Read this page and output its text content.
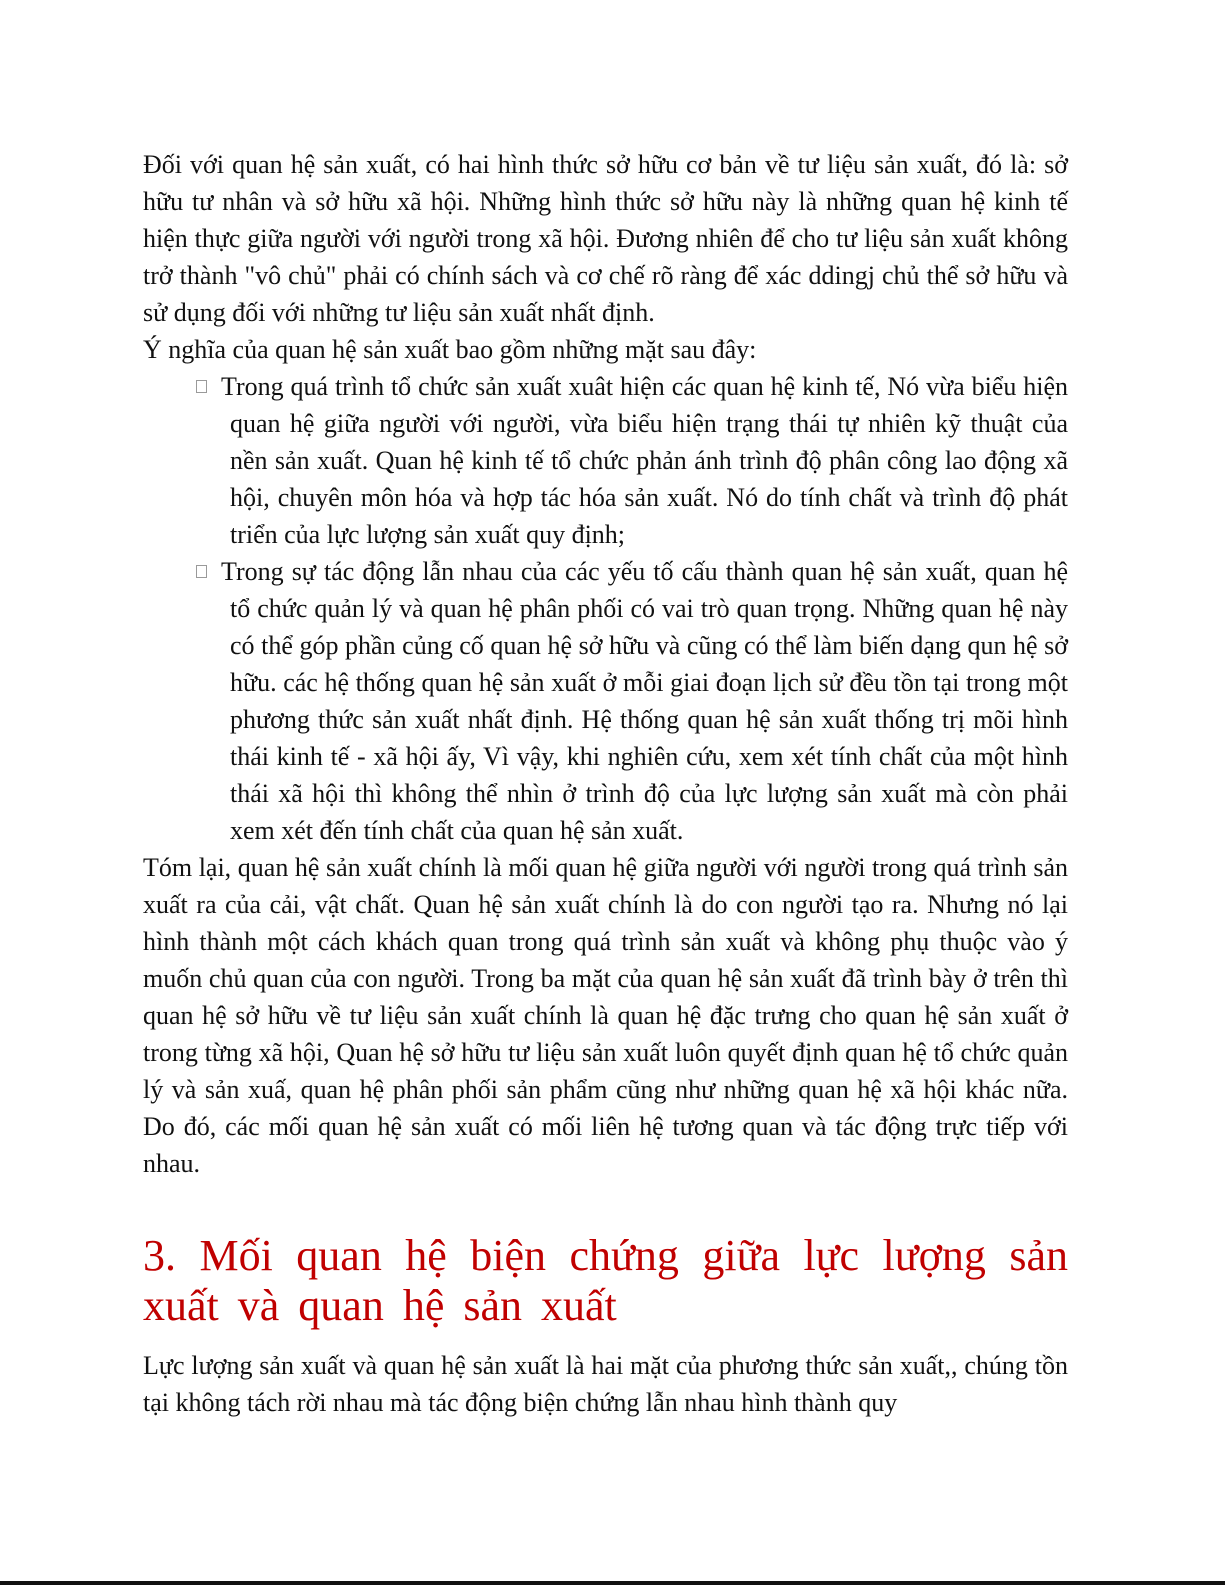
Đối với quan hệ sản xuất, có hai hình thức sở hữu cơ bản về tư liệu sản xuất, đó là: sở hữu tư nhân và sở hữu xã hội. Những hình thức sở hữu này là những quan hệ kinh tế hiện thực giữa người với người trong xã hội. Đương nhiên để cho tư liệu sản xuất không trở thành "vô chủ" phải có chính sách và cơ chế rõ ràng để xác ddingj chủ thể sở hữu và sử dụng đối với những tư liệu sản xuất nhất định.

Ý nghĩa của quan hệ sản xuất bao gồm những mặt sau đây:

Trong quá trình tổ chức sản xuất xuât hiện các quan hệ kinh tế, Nó vừa biểu hiện quan hệ giữa người với người, vừa biểu hiện trạng thái tự nhiên kỹ thuật của nền sản xuất. Quan hệ kinh tế tổ chức phản ánh trình độ phân công lao động xã hội, chuyên môn hóa và hợp tác hóa sản xuất. Nó do tính chất và trình độ phát triển của lực lượng sản xuất quy định;
Trong sự tác động lẫn nhau của các yếu tố cấu thành quan hệ sản xuất, quan hệ tổ chức quản lý và quan hệ phân phối có vai trò quan trọng. Những quan hệ này có thể góp phần củng cố quan hệ sở hữu và cũng có thể làm biến dạng qun hệ sở hữu. các hệ thống quan hệ sản xuất ở mỗi giai đoạn lịch sử đều tồn tại trong một phương thức sản xuất nhất định. Hệ thống quan hệ sản xuất thống trị mõi hình thái kinh tế - xã hội ấy, Vì vậy, khi nghiên cứu, xem xét tính chất của một hình thái xã hội thì không thể nhìn ở trình độ của lực lượng sản xuất mà còn phải xem xét đến tính chất của quan hệ sản xuất.

Tóm lại, quan hệ sản xuất chính là mối quan hệ giữa người với người trong quá trình sản xuất ra của cải, vật chất. Quan hệ sản xuất chính là do con người tạo ra. Nhưng nó lại hình thành một cách khách quan trong quá trình sản xuất và không phụ thuộc vào ý muốn chủ quan của con người. Trong ba mặt của quan hệ sản xuất đã trình bày ở trên thì quan hệ sở hữu về tư liệu sản xuất chính là quan hệ đặc trưng cho quan hệ sản xuất ở trong từng xã hội, Quan hệ sở hữu tư liệu sản xuất luôn quyết định quan hệ tổ chức quản lý và sản xuấ, quan hệ phân phối sản phẩm cũng như những quan hệ xã hội khác nữa. Do đó, các mối quan hệ sản xuất có mối liên hệ tương quan và tác động trực tiếp với nhau.

3. Mối quan hệ biện chứng giữa lực lượng sản xuất và quan hệ sản xuất

Lực lượng sản xuất và quan hệ sản xuất là hai mặt của phương thức sản xuất,, chúng tồn tại không tách rời nhau mà tác động biện chứng lẫn nhau hình thành quy
